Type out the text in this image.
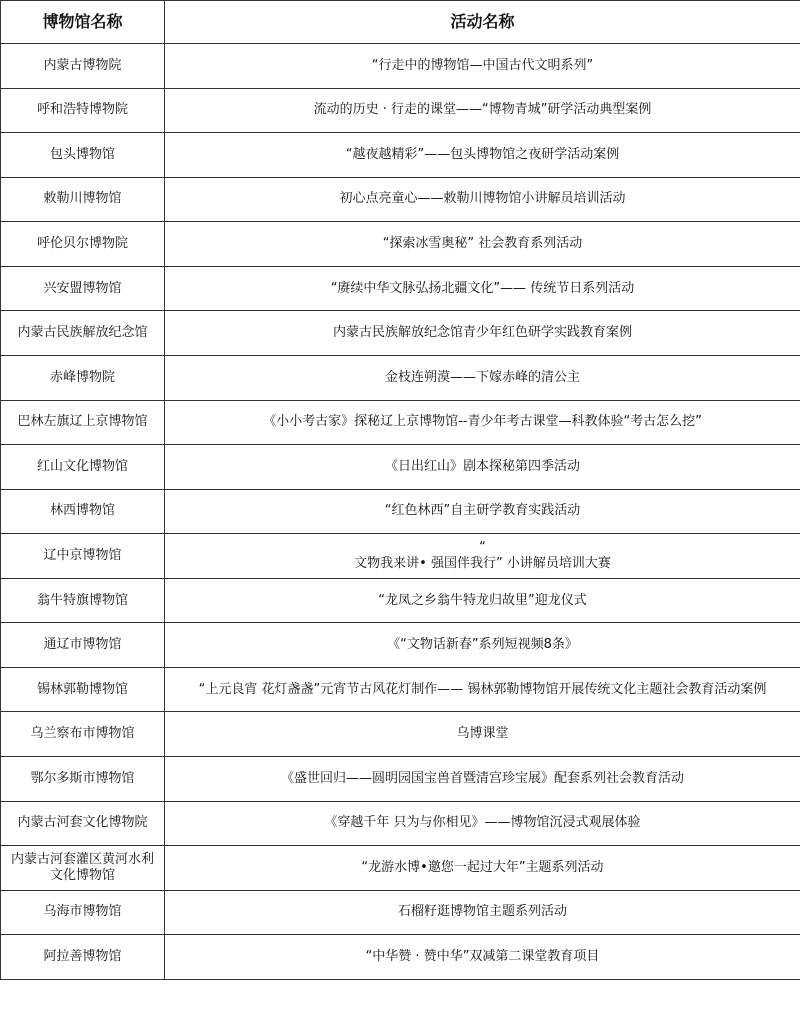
博物馆名称	活动名称
内蒙古博物院	“行走中的博物馆—中国古代文明系列”
呼和浩特博物院	流动的历史 · 行走的课堂——“博物青城”研学活动典型案例
包头博物馆	“越夜越精彩”——包头博物馆之夜研学活动案例
敕勒川博物馆	初心点亮童心——敕勒川博物馆小讲解员培训活动
呼伦贝尔博物院	“探索冰雪奥秘” 社会教育系列活动
兴安盟博物馆	“赓续中华文脉弘扬北疆文化”—— 传统节日系列活动
内蒙古民族解放纪念馆	内蒙古民族解放纪念馆青少年红色研学实践教育案例
赤峰博物院	金枝连朔漠——下嫁赤峰的清公主
巴林左旗辽上京博物馆	《小小考古家》探秘辽上京博物馆--青少年考古课堂—科教体验“考古怎么挖”
红山文化博物馆	《日出红山》剧本探秘第四季活动
林西博物馆	“红色林西”自主研学教育实践活动
辽中京博物馆	“
文物我来讲• 强国伴我行” 小讲解员培训大赛
翁牛特旗博物馆	“龙凤之乡翁牛特龙归故里”迎龙仪式
通辽市博物馆	《“文物话新春”系列短视频8条》
锡林郭勒博物馆	“上元良宵 花灯盏盏”元宵节古风花灯制作—— 锡林郭勒博物馆开展传统文化主题社会教育活动案例
乌兰察布市博物馆	乌博课堂
鄂尔多斯市博物馆	《盛世回归——圆明园国宝兽首暨清宫珍宝展》配套系列社会教育活动
内蒙古河套文化博物院	《穿越千年 只为与你相见》——博物馆沉浸式观展体验
内蒙古河套灌区黄河水利文化博物馆	“龙游水博•邀您一起过大年”主题系列活动
乌海市博物馆	石榴籽逛博物馆主题系列活动
阿拉善博物馆	“中华赞 · 赞中华”双减第二课堂教育项目
